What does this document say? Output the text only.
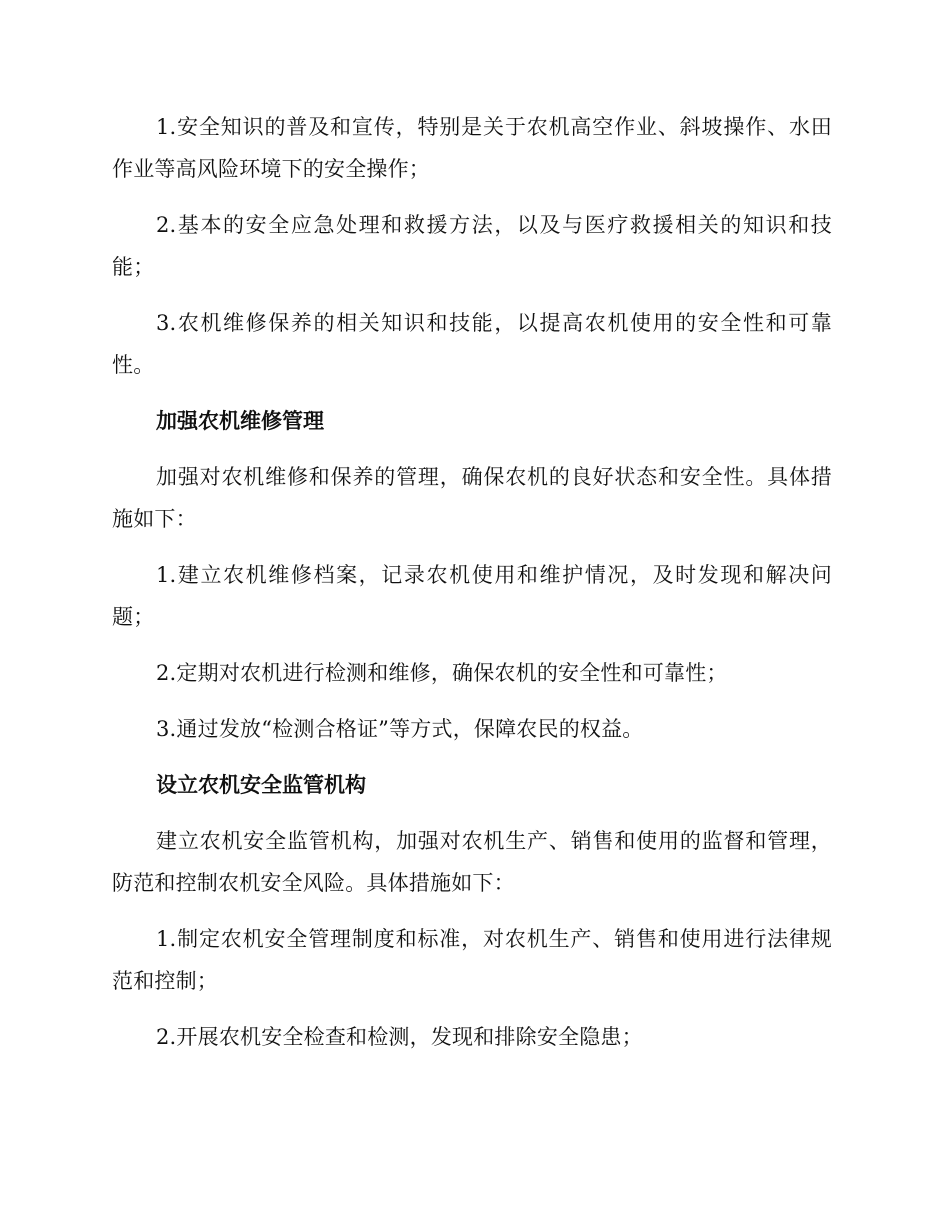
1.安全知识的普及和宣传，特别是关于农机高空作业、斜坡操作、水田作业等高风险环境下的安全操作；

2.基本的安全应急处理和救援方法，以及与医疗救援相关的知识和技能；

3.农机维修保养的相关知识和技能，以提高农机使用的安全性和可靠性。

加强农机维修管理

加强对农机维修和保养的管理，确保农机的良好状态和安全性。具体措施如下：

1.建立农机维修档案，记录农机使用和维护情况，及时发现和解决问题；

2.定期对农机进行检测和维修，确保农机的安全性和可靠性；

3.通过发放“检测合格证”等方式，保障农民的权益。

设立农机安全监管机构

建立农机安全监管机构，加强对农机生产、销售和使用的监督和管理，防范和控制农机安全风险。具体措施如下：

1.制定农机安全管理制度和标准，对农机生产、销售和使用进行法律规范和控制；

2.开展农机安全检查和检测，发现和排除安全隐患；
